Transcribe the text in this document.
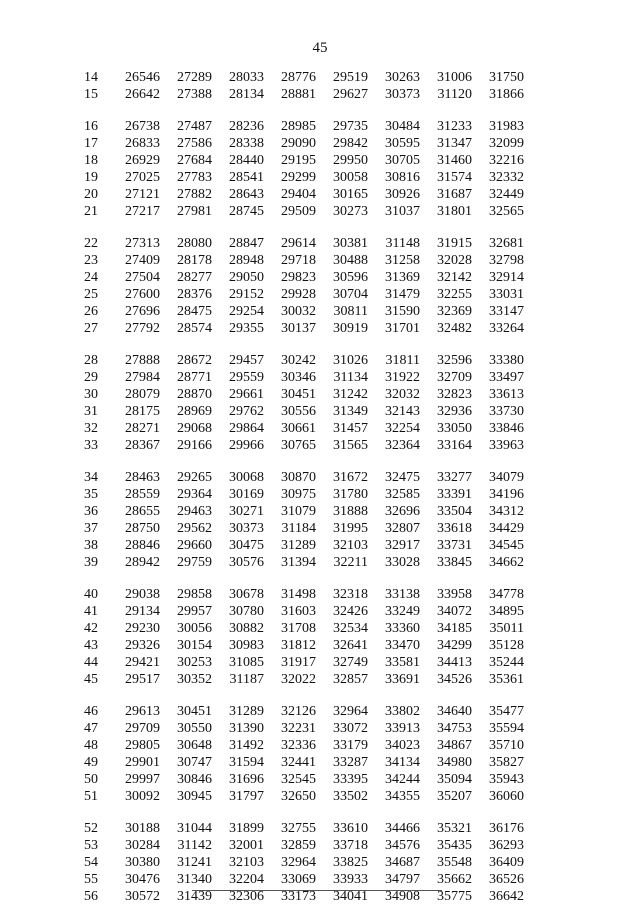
45
14	26546	27289	28033	28776	29519	30263	31006	31750
15	26642	27388	28134	28881	29627	30373	31120	31866

16	26738	27487	28236	28985	29735	30484	31233	31983
17	26833	27586	28338	29090	29842	30595	31347	32099
18	26929	27684	28440	29195	29950	30705	31460	32216
19	27025	27783	28541	29299	30058	30816	31574	32332
20	27121	27882	28643	29404	30165	30926	31687	32449
21	27217	27981	28745	29509	30273	31037	31801	32565

22	27313	28080	28847	29614	30381	31148	31915	32681
23	27409	28178	28948	29718	30488	31258	32028	32798
24	27504	28277	29050	29823	30596	31369	32142	32914
25	27600	28376	29152	29928	30704	31479	32255	33031
26	27696	28475	29254	30032	30811	31590	32369	33147
27	27792	28574	29355	30137	30919	31701	32482	33264

28	27888	28672	29457	30242	31026	31811	32596	33380
29	27984	28771	29559	30346	31134	31922	32709	33497
30	28079	28870	29661	30451	31242	32032	32823	33613
31	28175	28969	29762	30556	31349	32143	32936	33730
32	28271	29068	29864	30661	31457	32254	33050	33846
33	28367	29166	29966	30765	31565	32364	33164	33963

34	28463	29265	30068	30870	31672	32475	33277	34079
35	28559	29364	30169	30975	31780	32585	33391	34196
36	28655	29463	30271	31079	31888	32696	33504	34312
37	28750	29562	30373	31184	31995	32807	33618	34429
38	28846	29660	30475	31289	32103	32917	33731	34545
39	28942	29759	30576	31394	32211	33028	33845	34662

40	29038	29858	30678	31498	32318	33138	33958	34778
41	29134	29957	30780	31603	32426	33249	34072	34895
42	29230	30056	30882	31708	32534	33360	34185	35011
43	29326	30154	30983	31812	32641	33470	34299	35128
44	29421	30253	31085	31917	32749	33581	34413	35244
45	29517	30352	31187	32022	32857	33691	34526	35361

46	29613	30451	31289	32126	32964	33802	34640	35477
47	29709	30550	31390	32231	33072	33913	34753	35594
48	29805	30648	31492	32336	33179	34023	34867	35710
49	29901	30747	31594	32441	33287	34134	34980	35827
50	29997	30846	31696	32545	33395	34244	35094	35943
51	30092	30945	31797	32650	33502	34355	35207	36060

52	30188	31044	31899	32755	33610	34466	35321	36176
53	30284	31142	32001	32859	33718	34576	35435	36293
54	30380	31241	32103	32964	33825	34687	35548	36409
55	30476	31340	32204	33069	33933	34797	35662	36526
56	30572	31439	32306	33173	34041	34908	35775	36642
